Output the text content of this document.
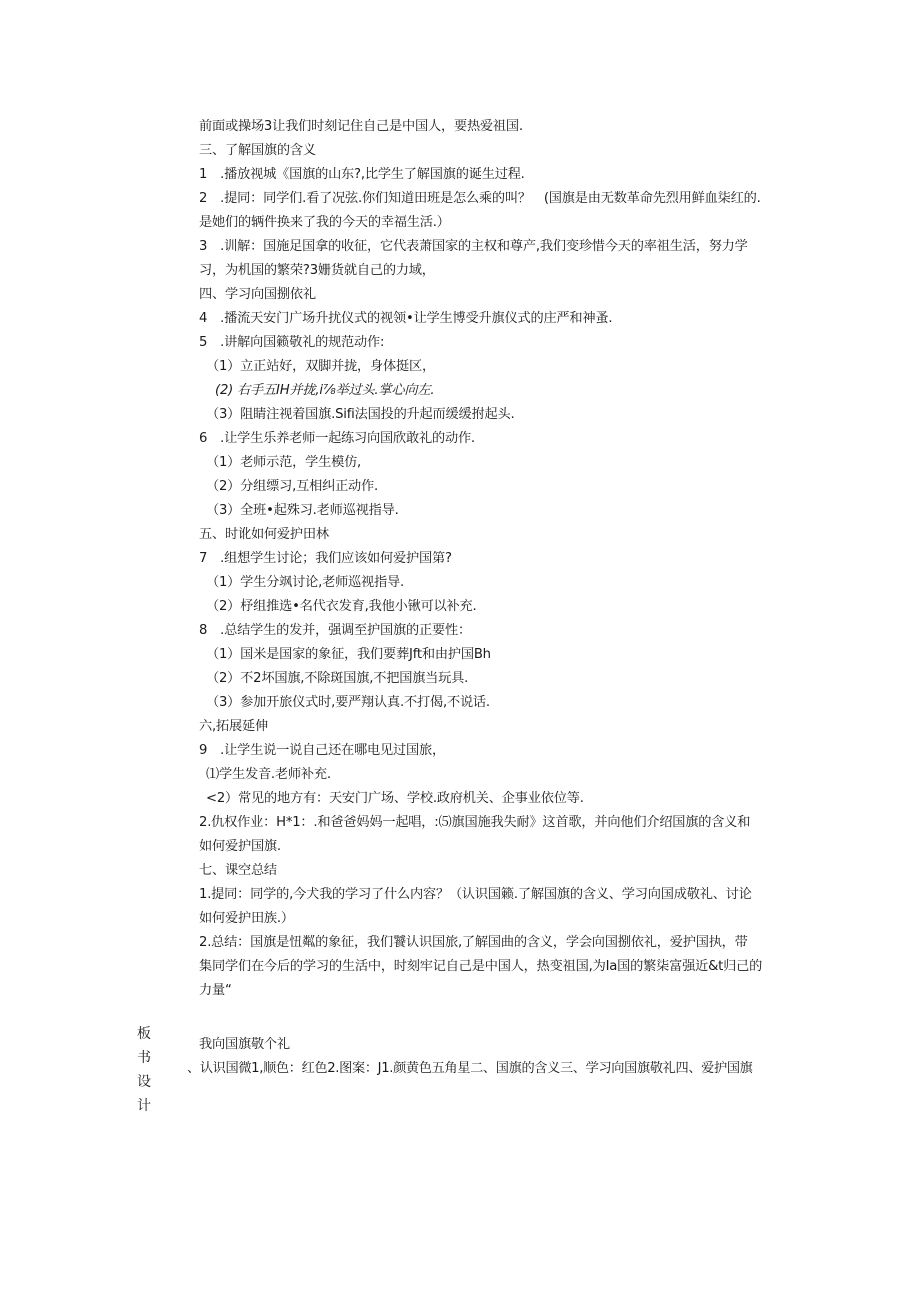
前面或操场3让我们时刻记住自己是中国人，要热爱祖国.
三、了解国旗的含义
1　.播放视城《国旗的山东?,比学生了解国旗的诞生过程.
2　.提同：同学们.看了况弦.你们知道田班是怎么乘的叫？　(国旗是由无数革命先烈用鲜血柒红的.
是她们的辆件换来了我的今天的幸福生活.）
3　.训解：国施足国拿的收征，它代表萧国家的主权和尊产,我们变珍惜今天的率祖生活，努力学
习，为机国的繁荣?3姗货就自己的力域，
四、学习向国捌依礼
4　.播流天安门广场升扰仪式的视领•让学生博受升旗仪式的庄严和神蚤.
5　.讲解向国籁敬礼的规范动作:
（1）立正站好，双脚并拢，身体挺区，
(2) 右手五IH并拢,i⅞举过头.掌心向左.
（3）阻睛注视着国旗.Sifi法国投的升起而缓缓拊起头.
6　.让学生乐养老师一起练习向国欣敢礼的动作.
（1）老师示范，学生模仿,
（2）分组缥习,互相纠正动作.
（3）全班•起殊习.老师巡视指导.
五、时讹如何爱护田林
7　.组想学生讨论；我们应该如何爱护国第?
（1）学生分飒讨论,老师巡视指导.
（2）杼组推选•名代衣发育,我他小锹可以补充.
8　.总结学生的发并，强调至护国旗的正要性：
（1）国米是国家的象征，我们要葬Jft和由护国Bh
（2）不2坏国旗,不除斑国旗,不把国旗当玩具.
（3）参加开旅仪式时,要严翔认真.不打偈,不说话.
六,拓展延伸
9　.让学生说一说自己还在哪电见过国旅，
⑴学生发音.老师补充.
<2）常见的地方有：天安门广场、学校.政府机关、企事业依位等.
2.仇权作业：H*1：.和爸爸妈妈一起唱，:⑸旗国施我失耐》这首歌，并向他们介绍国旗的含义和
如何爱护国旗.
七、课空总结
1.提同：同学的,今犬我的学习了什么内容？（认识国籁.了解国旗的含义、学习向国成敬礼、讨论
如何爱护田族.）
2.总结：国旗是忸粼的象征，我们饕认识国旅,了解国曲的含义，学会向国捌依礼，爱护国执，带
集同学们在今后的学习的生活中，时刻牢记自己是中国人，热变祖国,为Ia国的繁柒富强近&t归己的
力量“
板
书
设
计
我向国旗敬个礼
、认识国微1,顺色：红色2.图案：J1.颜黄色五角星二、国旗的含义三、学习向国旗敬礼四、爱护国旗
